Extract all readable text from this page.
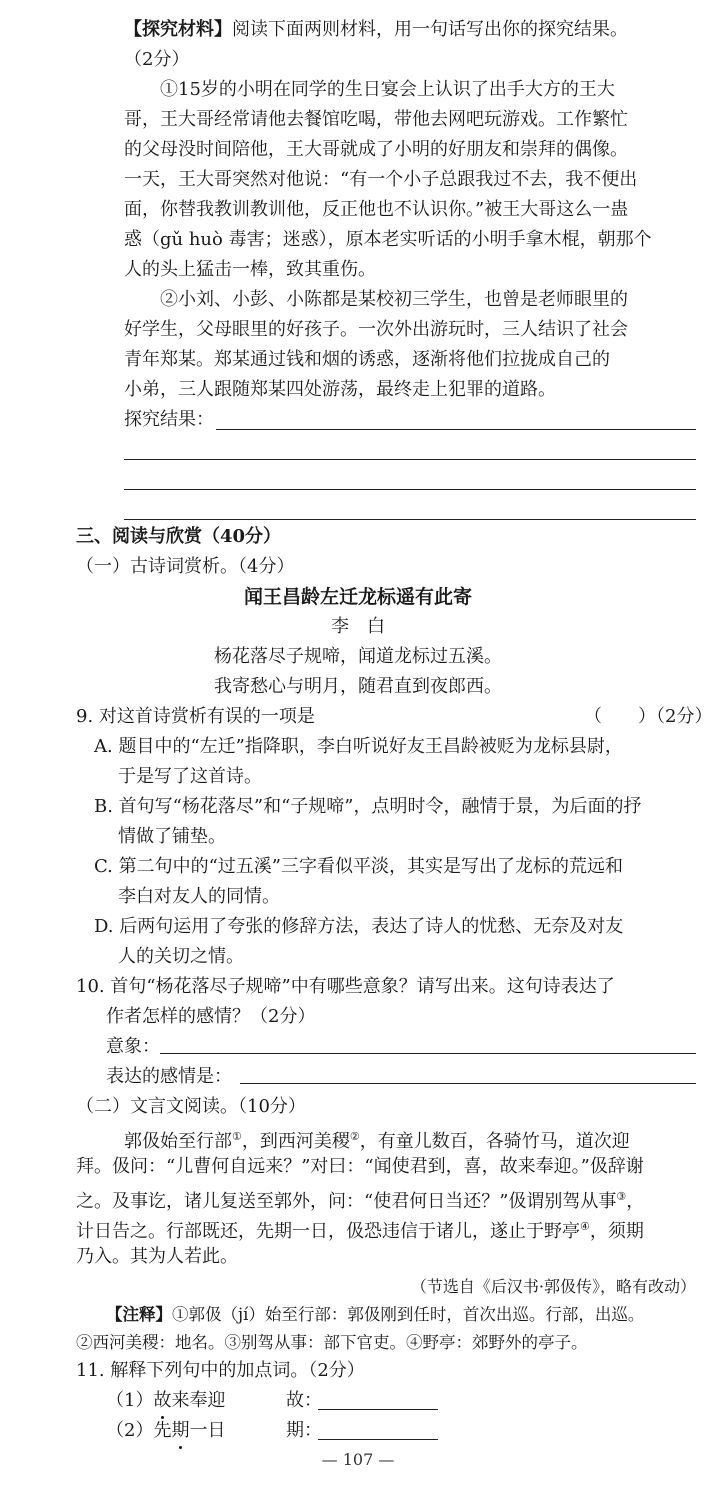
【探究材料】阅读下面两则材料，用一句话写出你的探究结果。
（2分）
①15岁的小明在同学的生日宴会上认识了出手大方的王大
哥，王大哥经常请他去餐馆吃喝，带他去网吧玩游戏。工作繁忙
的父母没时间陪他，王大哥就成了小明的好朋友和崇拜的偶像。
一天，王大哥突然对他说：“有一个小子总跟我过不去，我不便出
面，你替我教训教训他，反正他也不认识你。”被王大哥这么一蛊
惑（gǔ huò 毒害；迷惑），原本老实听话的小明手拿木棍，朝那个
人的头上猛击一棒，致其重伤。
②小刘、小彭、小陈都是某校初三学生，也曾是老师眼里的
好学生，父母眼里的好孩子。一次外出游玩时，三人结识了社会
青年郑某。郑某通过钱和烟的诱惑，逐渐将他们拉拢成自己的
小弟，三人跟随郑某四处游荡，最终走上犯罪的道路。
探究结果：
三、阅读与欣赏（40分）
（一）古诗词赏析。（4分）
闻王昌龄左迁龙标遥有此寄
李　白
杨花落尽子规啼，闻道龙标过五溪。
我寄愁心与明月，随君直到夜郎西。
9. 对这首诗赏析有误的一项是	（　　）（2分）
A. 题目中的“左迁”指降职，李白听说好友王昌龄被贬为龙标县尉，
于是写了这首诗。
B. 首句写“杨花落尽”和“子规啼”，点明时令，融情于景，为后面的抒
情做了铺垫。
C. 第二句中的“过五溪”三字看似平淡，其实是写出了龙标的荒远和
李白对友人的同情。
D. 后两句运用了夸张的修辞方法，表达了诗人的忧愁、无奈及对友
人的关切之情。
10. 首句“杨花落尽子规啼”中有哪些意象？请写出来。这句诗表达了
作者怎样的感情？（2分）
意象：
表达的感情是：
（二）文言文阅读。（10分）
郭伋始至行部①，到西河美稷②，有童儿数百，各骑竹马，道次迎
拜。伋问：“儿曹何自远来？”对曰：“闻使君到，喜，故来奉迎。”伋辞谢
之。及事讫，诸儿复送至郭外，问：“使君何日当还？”伋谓别驾从事③，
计日告之。行部既还，先期一日，伋恐违信于诸儿，遂止于野亭④，须期
乃入。其为人若此。
（节选自《后汉书·郭伋传》，略有改动）
【注释】①郭伋（jí）始至行部：郭伋刚到任时，首次出巡。行部，出巡。
②西河美稷：地名。③别驾从事：部下官吏。④野亭：郊野外的亭子。
11. 解释下列句中的加点词。（2分）
（1）故来奉迎	故：
（2）先期一日	期：
— 107 —
